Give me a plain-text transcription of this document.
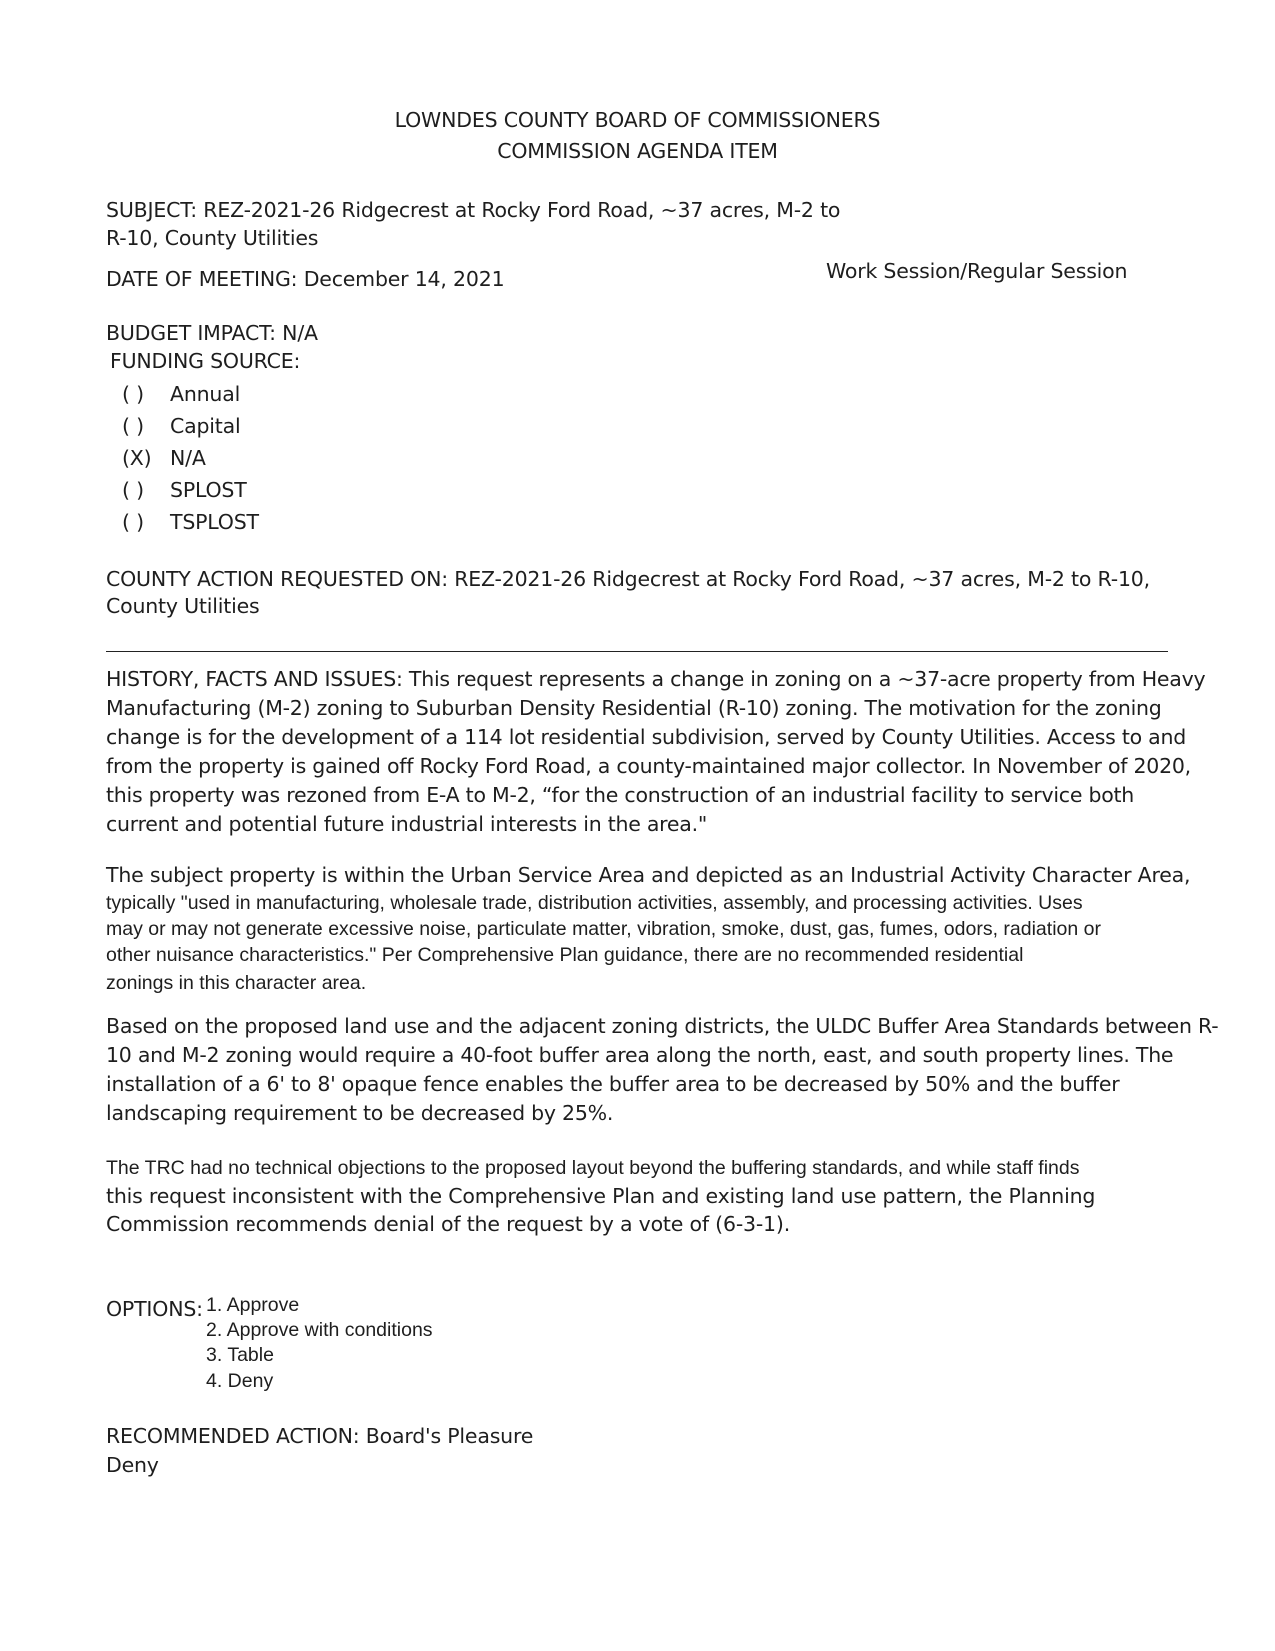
LOWNDES COUNTY BOARD OF COMMISSIONERS
COMMISSION AGENDA ITEM
SUBJECT: REZ-2021-26 Ridgecrest at Rocky Ford Road, ~37 acres, M-2 to
R-10, County Utilities
DATE OF MEETING: December 14, 2021	Work Session/Regular Session
BUDGET IMPACT: N/A
FUNDING SOURCE:
( ) Annual
( ) Capital
(X) N/A
( ) SPLOST
( ) TSPLOST
COUNTY ACTION REQUESTED ON: REZ-2021-26 Ridgecrest at Rocky Ford Road, ~37 acres, M-2 to R-10,
County Utilities
HISTORY, FACTS AND ISSUES: This request represents a change in zoning on a ~37-acre property from Heavy
Manufacturing (M-2) zoning to Suburban Density Residential (R-10) zoning. The motivation for the zoning
change is for the development of a 114 lot residential subdivision, served by County Utilities. Access to and
from the property is gained off Rocky Ford Road, a county-maintained major collector. In November of 2020,
this property was rezoned from E-A to M-2, “for the construction of an industrial facility to service both
current and potential future industrial interests in the area."
The subject property is within the Urban Service Area and depicted as an Industrial Activity Character Area,
typically "used in manufacturing, wholesale trade, distribution activities, assembly, and processing activities. Uses
may or may not generate excessive noise, particulate matter, vibration, smoke, dust, gas, fumes, odors, radiation or
other nuisance characteristics." Per Comprehensive Plan guidance, there are no recommended residential
zonings in this character area.
Based on the proposed land use and the adjacent zoning districts, the ULDC Buffer Area Standards between R-
10 and M-2 zoning would require a 40-foot buffer area along the north, east, and south property lines. The
installation of a 6' to 8' opaque fence enables the buffer area to be decreased by 50% and the buffer
landscaping requirement to be decreased by 25%.
The TRC had no technical objections to the proposed layout beyond the buffering standards, and while staff finds
this request inconsistent with the Comprehensive Plan and existing land use pattern, the Planning
Commission recommends denial of the request by a vote of (6-3-1).
OPTIONS: 1. Approve
2. Approve with conditions
3. Table
4. Deny
RECOMMENDED ACTION: Board's Pleasure
Deny
